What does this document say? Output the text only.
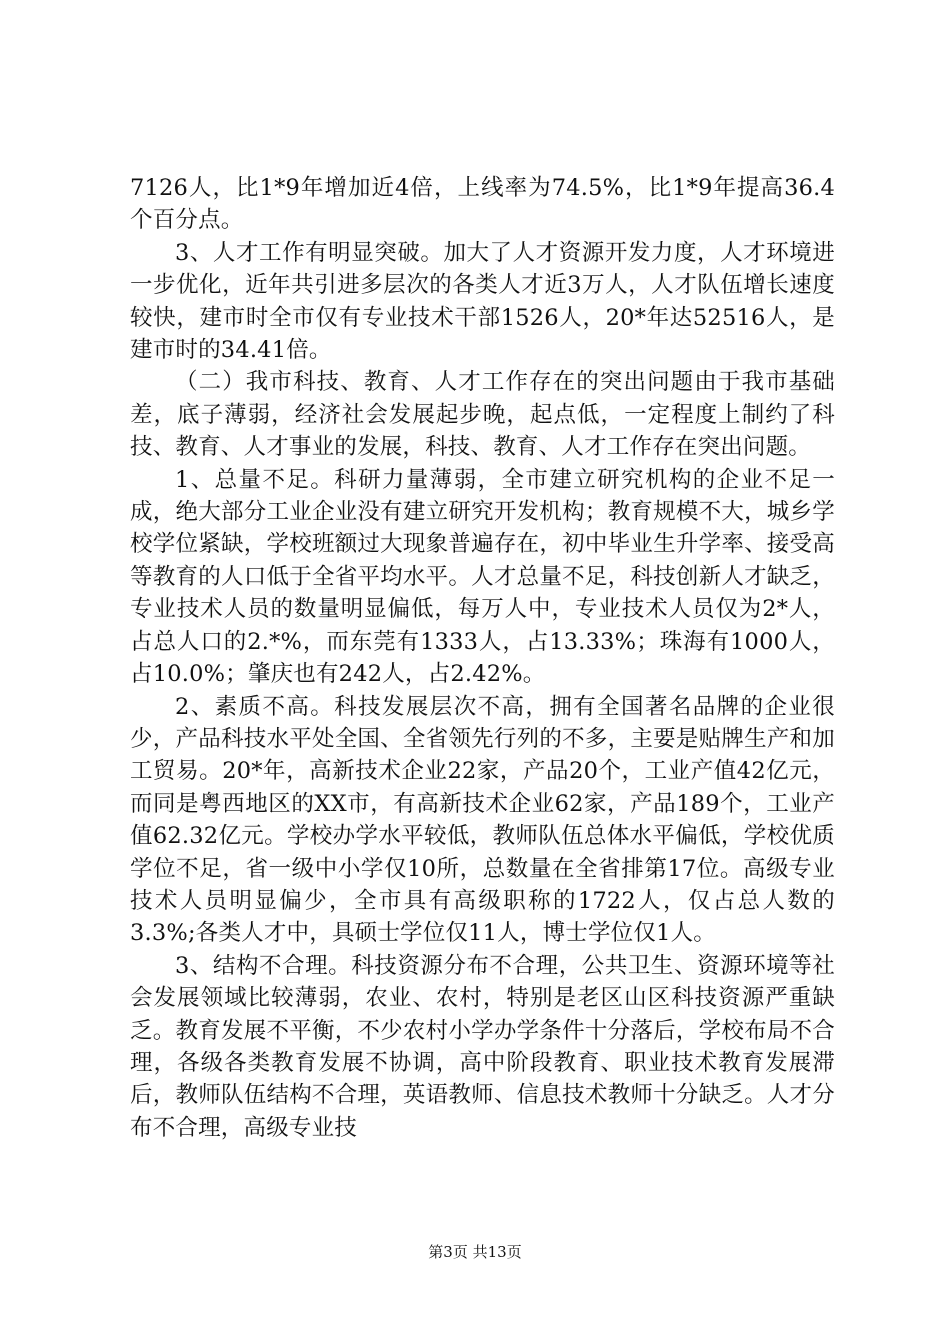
7126人，比1*9年增加近4倍，上线率为74.5%，比1*9年提高36.4个百分点。

3、人才工作有明显突破。加大了人才资源开发力度，人才环境进一步优化，近年共引进多层次的各类人才近3万人，人才队伍增长速度较快，建市时全市仅有专业技术干部1526人，20*年达52516人，是建市时的34.41倍。

（二）我市科技、教育、人才工作存在的突出问题由于我市基础差，底子薄弱，经济社会发展起步晚，起点低，一定程度上制约了科技、教育、人才事业的发展，科技、教育、人才工作存在突出问题。

1、总量不足。科研力量薄弱，全市建立研究机构的企业不足一成，绝大部分工业企业没有建立研究开发机构；教育规模不大，城乡学校学位紧缺，学校班额过大现象普遍存在，初中毕业生升学率、接受高等教育的人口低于全省平均水平。人才总量不足，科技创新人才缺乏，专业技术人员的数量明显偏低，每万人中，专业技术人员仅为2*人，占总人口的2.*%，而东莞有1333人，占13.33%；珠海有1000人，占10.0%；肇庆也有242人，占2.42%。

2、素质不高。科技发展层次不高，拥有全国著名品牌的企业很少，产品科技水平处全国、全省领先行列的不多，主要是贴牌生产和加工贸易。20*年，高新技术企业22家，产品20个，工业产值42亿元，而同是粤西地区的XX市，有高新技术企业62家，产品189个，工业产值62.32亿元。学校办学水平较低，教师队伍总体水平偏低，学校优质学位不足，省一级中小学仅10所，总数量在全省排第17位。高级专业技术人员明显偏少，全市具有高级职称的1722人，仅占总人数的3.3%;各类人才中，具硕士学位仅11人，博士学位仅1人。

3、结构不合理。科技资源分布不合理，公共卫生、资源环境等社会发展领域比较薄弱，农业、农村，特别是老区山区科技资源严重缺乏。教育发展不平衡，不少农村小学办学条件十分落后，学校布局不合理，各级各类教育发展不协调，高中阶段教育、职业技术教育发展滞后，教师队伍结构不合理，英语教师、信息技术教师十分缺乏。人才分布不合理，高级专业技

第3页 共13页
